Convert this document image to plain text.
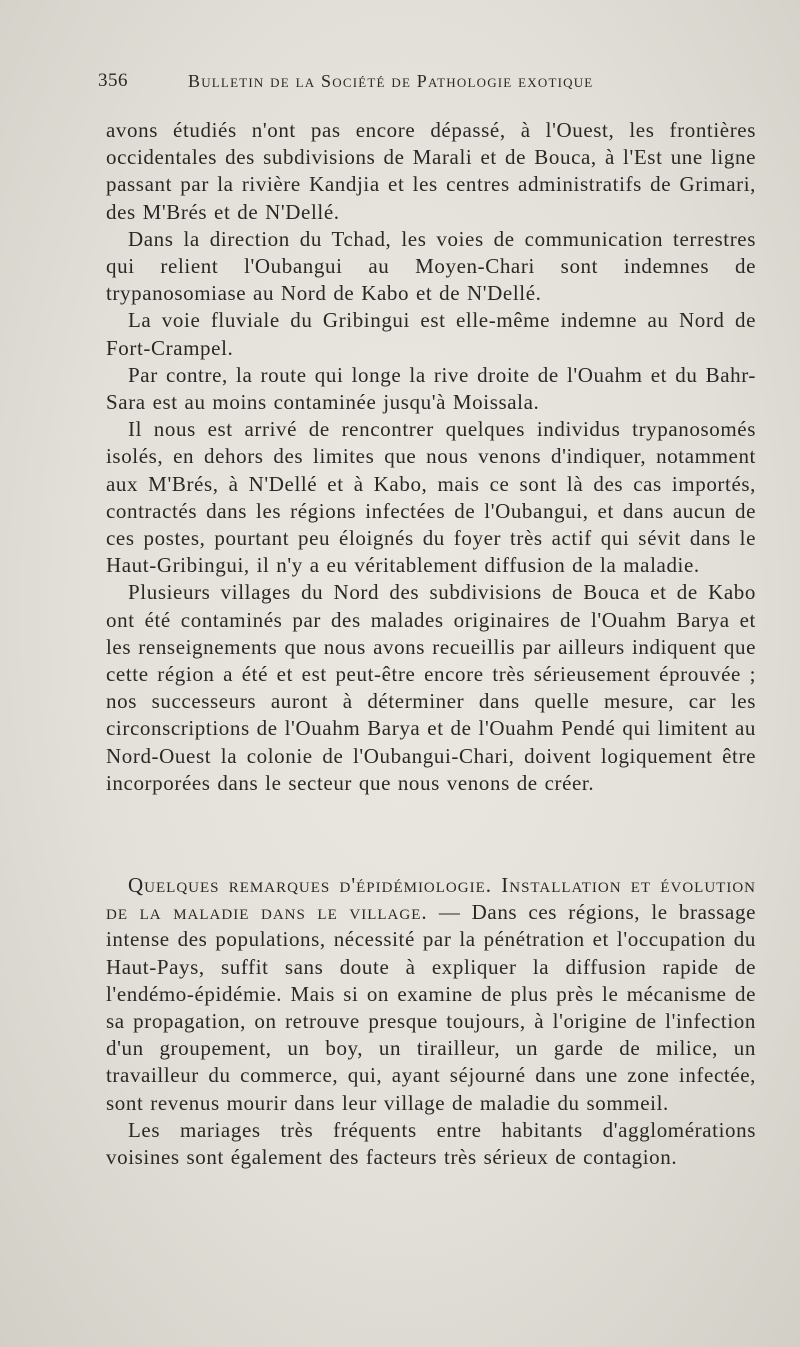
356	Bulletin de la Société de Pathologie exotique

avons étudiés n'ont pas encore dépassé, à l'Ouest, les frontières occidentales des subdivisions de Marali et de Bouca, à l'Est une ligne passant par la rivière Kandjia et les centres administratifs de Grimari, des M'Brés et de N'Dellé.

Dans la direction du Tchad, les voies de communication terrestres qui relient l'Oubangui au Moyen-Chari sont indemnes de trypanosomiase au Nord de Kabo et de N'Dellé.

La voie fluviale du Gribingui est elle-même indemne au Nord de Fort-Crampel.

Par contre, la route qui longe la rive droite de l'Ouahm et du Bahr-Sara est au moins contaminée jusqu'à Moissala.

Il nous est arrivé de rencontrer quelques individus trypanosomés isolés, en dehors des limites que nous venons d'indiquer, notamment aux M'Brés, à N'Dellé et à Kabo, mais ce sont là des cas importés, contractés dans les régions infectées de l'Oubangui, et dans aucun de ces postes, pourtant peu éloignés du foyer très actif qui sévit dans le Haut-Gribingui, il n'y a eu véritablement diffusion de la maladie.

Plusieurs villages du Nord des subdivisions de Bouca et de Kabo ont été contaminés par des malades originaires de l'Ouahm Barya et les renseignements que nous avons recueillis par ailleurs indiquent que cette région a été et est peut-être encore très sérieusement éprouvée ; nos successeurs auront à déterminer dans quelle mesure, car les circonscriptions de l'Ouahm Barya et de l'Ouahm Pendé qui limitent au Nord-Ouest la colonie de l'Oubangui-Chari, doivent logiquement être incorporées dans le secteur que nous venons de créer.

Quelques remarques d'épidémiologie. Installation et évolution de la maladie dans le village. — Dans ces régions, le brassage intense des populations, nécessité par la pénétration et l'occupation du Haut-Pays, suffit sans doute à expliquer la diffusion rapide de l'endémo-épidémie. Mais si on examine de plus près le mécanisme de sa propagation, on retrouve presque toujours, à l'origine de l'infection d'un groupement, un boy, un tirailleur, un garde de milice, un travailleur du commerce, qui, ayant séjourné dans une zone infectée, sont revenus mourir dans leur village de maladie du sommeil.

Les mariages très fréquents entre habitants d'agglomérations voisines sont également des facteurs très sérieux de contagion.
